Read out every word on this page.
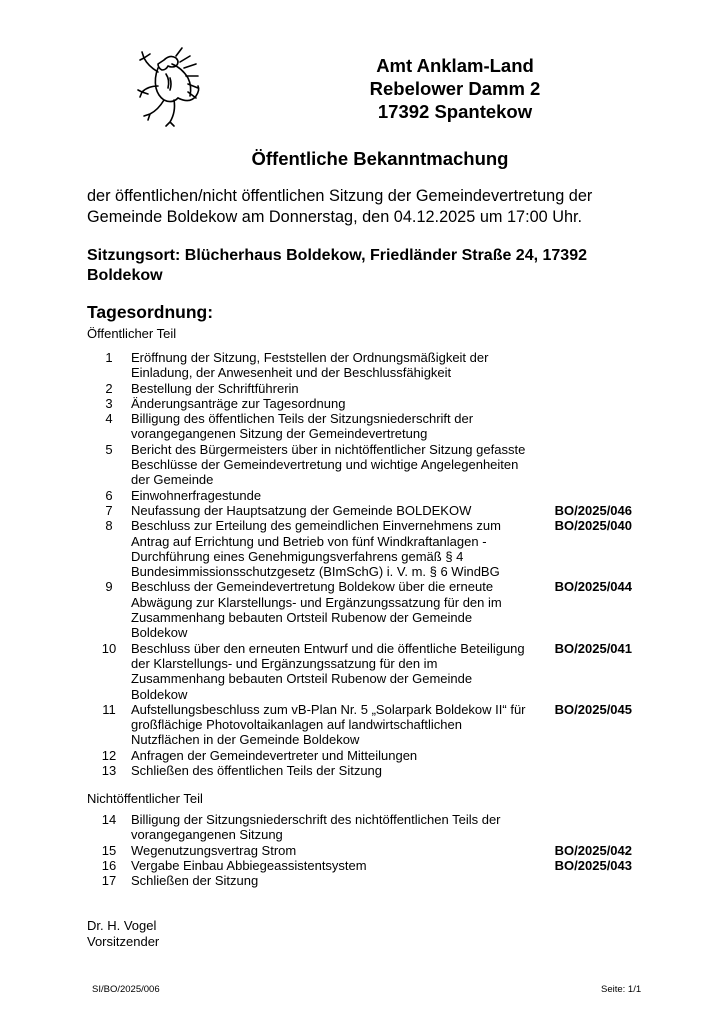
Amt Anklam-Land
Rebelower Damm 2
17392 Spantekow
Öffentliche Bekanntmachung
der öffentlichen/nicht öffentlichen Sitzung der Gemeindevertretung der
Gemeinde Boldekow am Donnerstag, den 04.12.2025 um 17:00 Uhr.
Sitzungsort: Blücherhaus Boldekow, Friedländer Straße 24, 17392
Boldekow
Tagesordnung:
Öffentlicher Teil
1	Eröffnung der Sitzung, Feststellen der Ordnungsmäßigkeit der
Einladung, der Anwesenheit und der Beschlussfähigkeit
2	Bestellung der Schriftführerin
3	Änderungsanträge zur Tagesordnung
4	Billigung des öffentlichen Teils der Sitzungsniederschrift der
vorangegangenen Sitzung der Gemeindevertretung
5	Bericht des Bürgermeisters über in nichtöffentlicher Sitzung gefasste
Beschlüsse der Gemeindevertretung und wichtige Angelegenheiten
der Gemeinde
6	Einwohnerfragestunde
7	Neufassung der Hauptsatzung der Gemeinde BOLDEKOW	BO/2025/046
8	Beschluss zur Erteilung des gemeindlichen Einvernehmens zum
Antrag auf Errichtung und Betrieb von fünf Windkraftanlagen -
Durchführung eines Genehmigungsverfahrens gemäß § 4
Bundesimmissionsschutzgesetz (BImSchG) i. V. m. § 6 WindBG
BO/2025/040
9	Beschluss der Gemeindevertretung Boldekow über die erneute
Abwägung zur Klarstellungs- und Ergänzungssatzung für den im
Zusammenhang bebauten Ortsteil Rubenow der Gemeinde
Boldekow
BO/2025/044
10	Beschluss über den erneuten Entwurf und die öffentliche Beteiligung
der Klarstellungs- und Ergänzungssatzung für den im
Zusammenhang bebauten Ortsteil Rubenow der Gemeinde
Boldekow
BO/2025/041
11	Aufstellungsbeschluss zum vB-Plan Nr. 5 „Solarpark Boldekow II“ für
großflächige Photovoltaikanlagen auf landwirtschaftlichen
Nutzflächen in der Gemeinde Boldekow
BO/2025/045
12	Anfragen der Gemeindevertreter und Mitteilungen
13	Schließen des öffentlichen Teils der Sitzung
Nichtöffentlicher Teil
14	Billigung der Sitzungsniederschrift des nichtöffentlichen Teils der
vorangegangenen Sitzung
15	Wegenutzungsvertrag Strom	BO/2025/042
16	Vergabe Einbau Abbiegeassistentsystem	BO/2025/043
17	Schließen der Sitzung
Dr. H. Vogel
Vorsitzender
SI/BO/2025/006	Seite: 1/1
